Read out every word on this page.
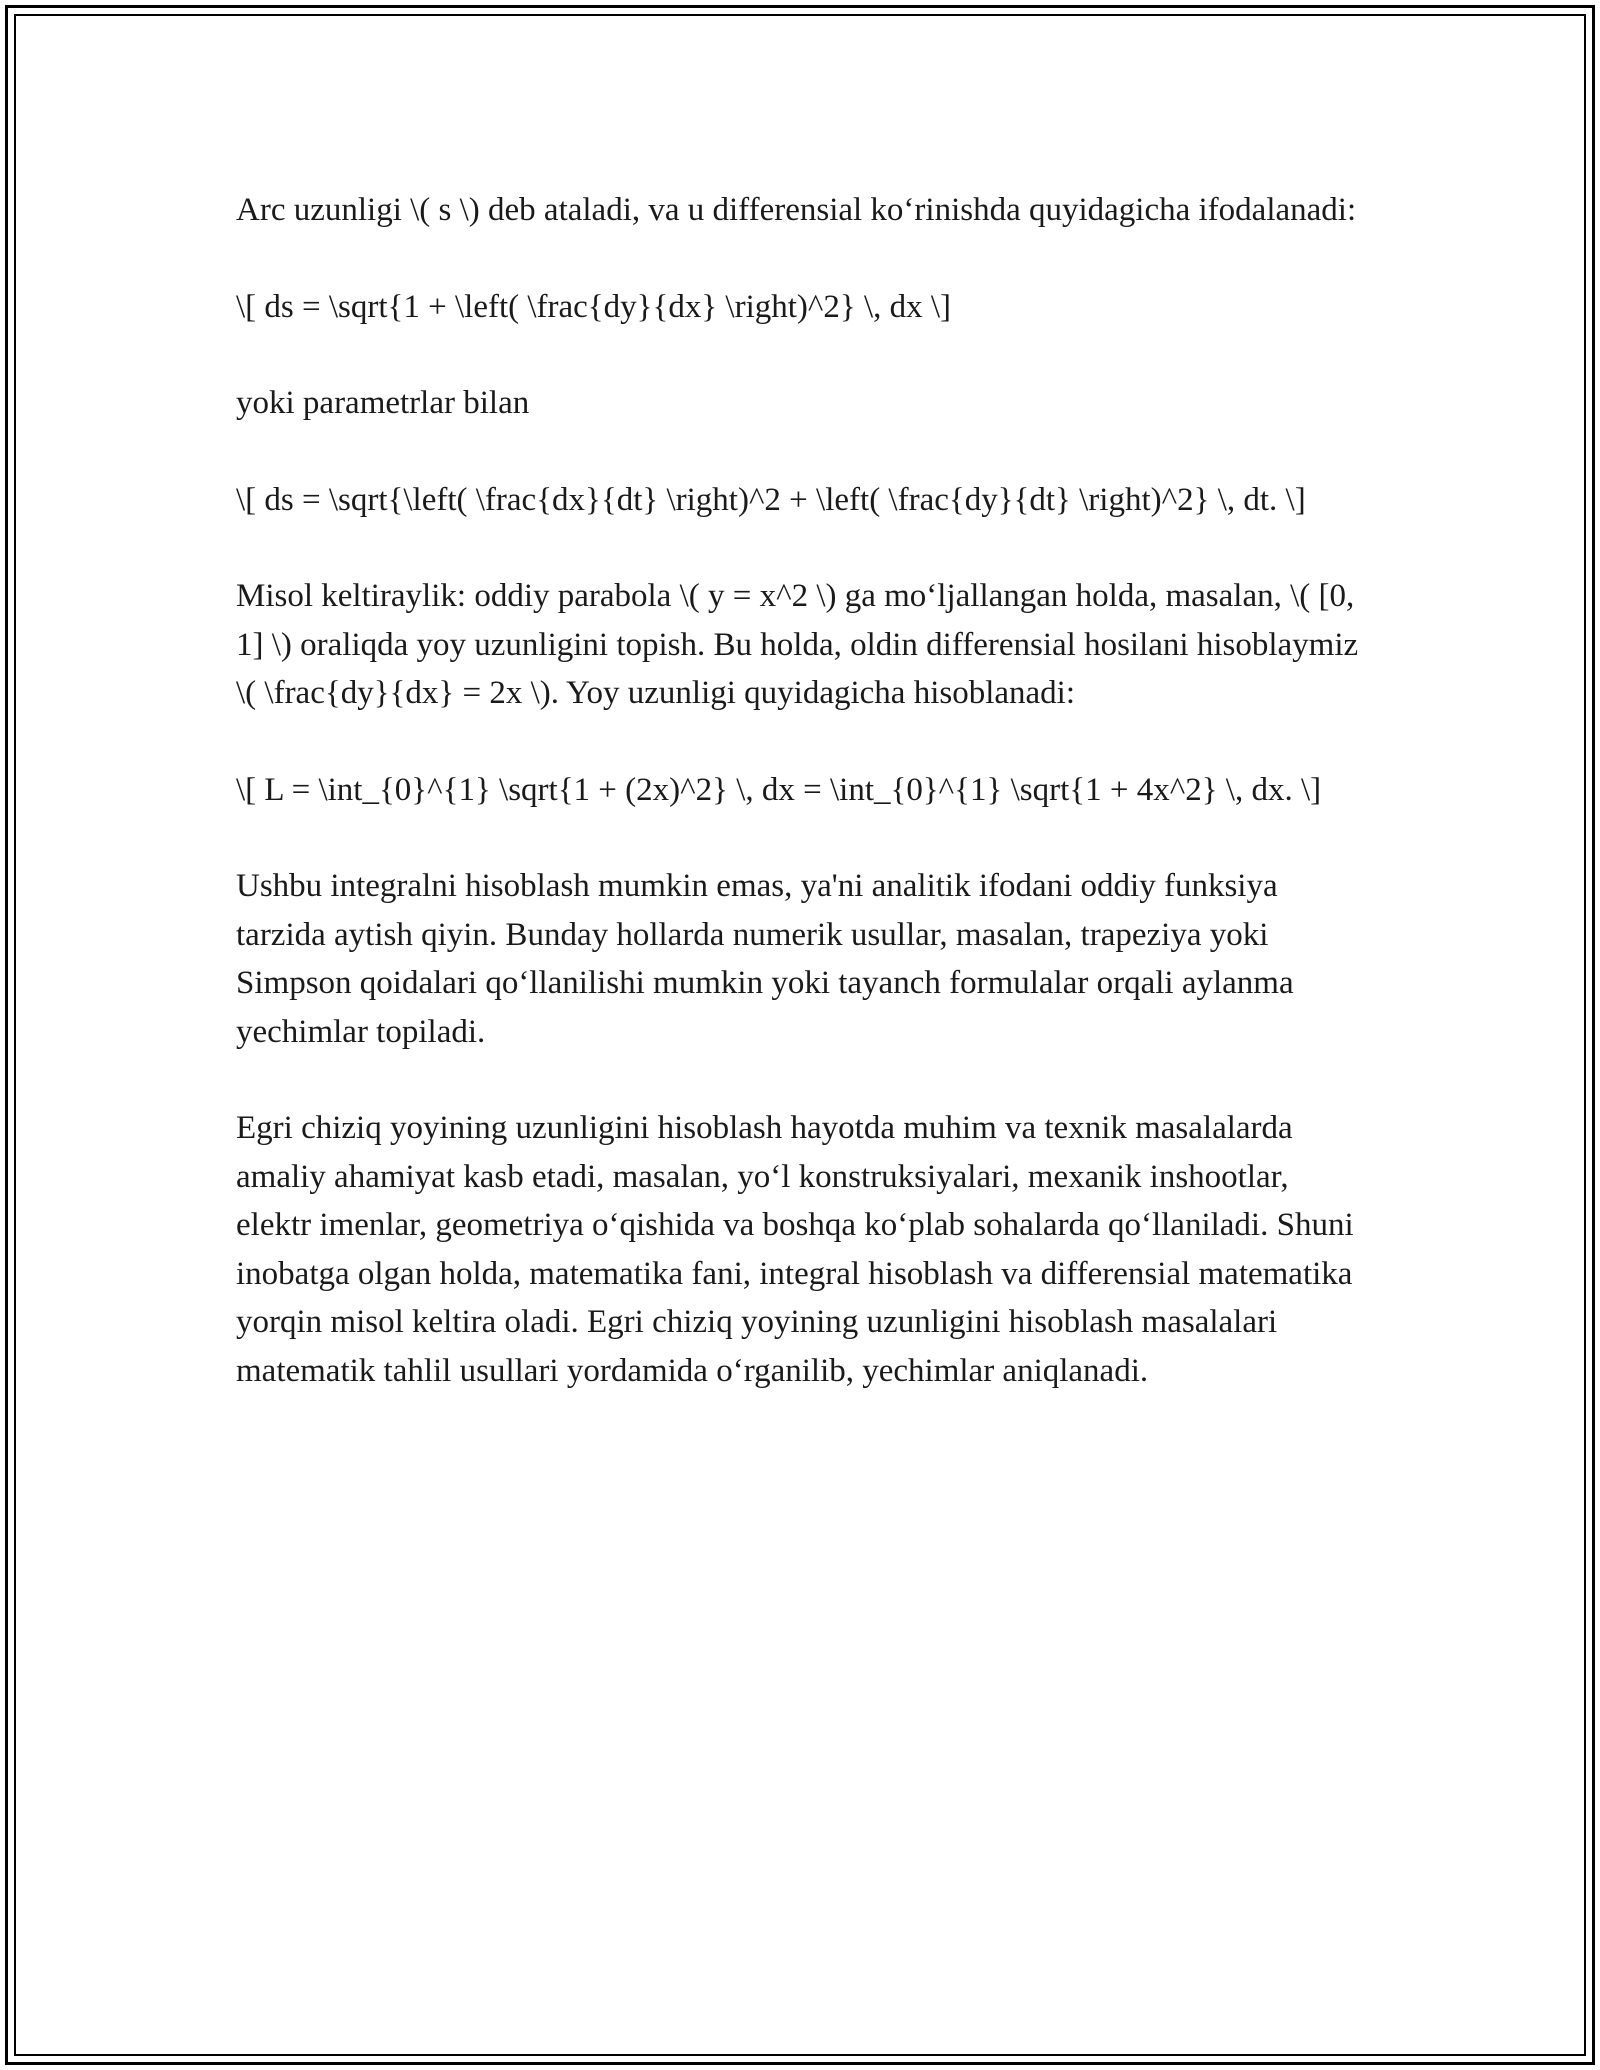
Arc uzunligi \( s \) deb ataladi, va u differensial ko‘rinishda quyidagicha ifodalanadi:

\[ ds = \sqrt{1 + \left( \frac{dy}{dx} \right)^2} \, dx \]

yoki parametrlar bilan

\[ ds = \sqrt{\left( \frac{dx}{dt} \right)^2 + \left( \frac{dy}{dt} \right)^2} \, dt. \]

Misol keltiraylik: oddiy parabola \( y = x^2 \) ga mo‘ljallangan holda, masalan, \( [0, 1] \) oraliqda yoy uzunligini topish. Bu holda, oldin differensial hosilani hisoblaymiz \( \frac{dy}{dx} = 2x \). Yoy uzunligi quyidagicha hisoblanadi:

\[ L = \int_{0}^{1} \sqrt{1 + (2x)^2} \, dx = \int_{0}^{1} \sqrt{1 + 4x^2} \, dx. \]

Ushbu integralni hisoblash mumkin emas, ya'ni analitik ifodani oddiy funksiya tarzida aytish qiyin. Bunday hollarda numerik usullar, masalan, trapeziya yoki Simpson qoidalari qo‘llanilishi mumkin yoki tayanch formulalar orqali aylanma yechimlar topiladi.

Egri chiziq yoyining uzunligini hisoblash hayotda muhim va texnik masalalarda amaliy ahamiyat kasb etadi, masalan, yo‘l konstruksiyalari, mexanik inshootlar, elektr imenlar, geometriya o‘qishida va boshqa ko‘plab sohalarda qo‘llaniladi. Shuni inobatga olgan holda, matematika fani, integral hisoblash va differensial matematika yorqin misol keltira oladi. Egri chiziq yoyining uzunligini hisoblash masalalari matematik tahlil usullari yordamida o‘rganilib, yechimlar aniqlanadi.
